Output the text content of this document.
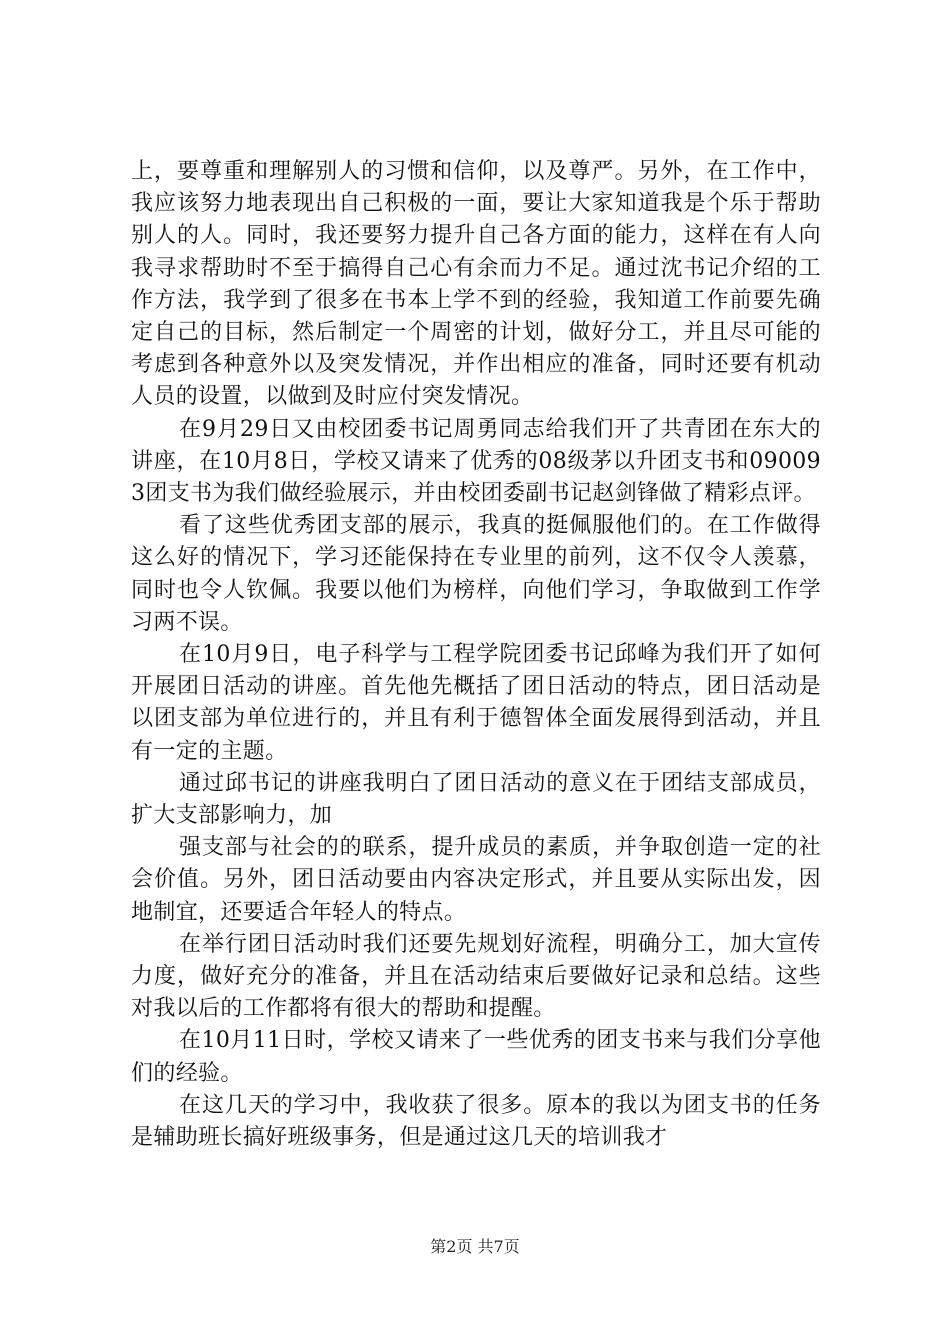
上，要尊重和理解别人的习惯和信仰，以及尊严。另外，在工作中，我应该努力地表现出自己积极的一面，要让大家知道我是个乐于帮助别人的人。同时，我还要努力提升自己各方面的能力，这样在有人向我寻求帮助时不至于搞得自己心有余而力不足。通过沈书记介绍的工作方法，我学到了很多在书本上学不到的经验，我知道工作前要先确定自己的目标，然后制定一个周密的计划，做好分工，并且尽可能的考虑到各种意外以及突发情况，并作出相应的准备，同时还要有机动人员的设置，以做到及时应付突发情况。

在9月29日又由校团委书记周勇同志给我们开了共青团在东大的讲座，在10月8日，学校又请来了优秀的08级茅以升团支书和090093团支书为我们做经验展示，并由校团委副书记赵剑锋做了精彩点评。

看了这些优秀团支部的展示，我真的挺佩服他们的。在工作做得这么好的情况下，学习还能保持在专业里的前列，这不仅令人羡慕，同时也令人钦佩。我要以他们为榜样，向他们学习，争取做到工作学习两不误。

在10月9日，电子科学与工程学院团委书记邱峰为我们开了如何开展团日活动的讲座。首先他先概括了团日活动的特点，团日活动是以团支部为单位进行的，并且有利于德智体全面发展得到活动，并且有一定的主题。

通过邱书记的讲座我明白了团日活动的意义在于团结支部成员，扩大支部影响力，加

强支部与社会的的联系，提升成员的素质，并争取创造一定的社会价值。另外，团日活动要由内容决定形式，并且要从实际出发，因地制宜，还要适合年轻人的特点。

在举行团日活动时我们还要先规划好流程，明确分工，加大宣传力度，做好充分的准备，并且在活动结束后要做好记录和总结。这些对我以后的工作都将有很大的帮助和提醒。

在10月11日时，学校又请来了一些优秀的团支书来与我们分享他们的经验。

在这几天的学习中，我收获了很多。原本的我以为团支书的任务是辅助班长搞好班级事务，但是通过这几天的培训我才

第2页 共7页
